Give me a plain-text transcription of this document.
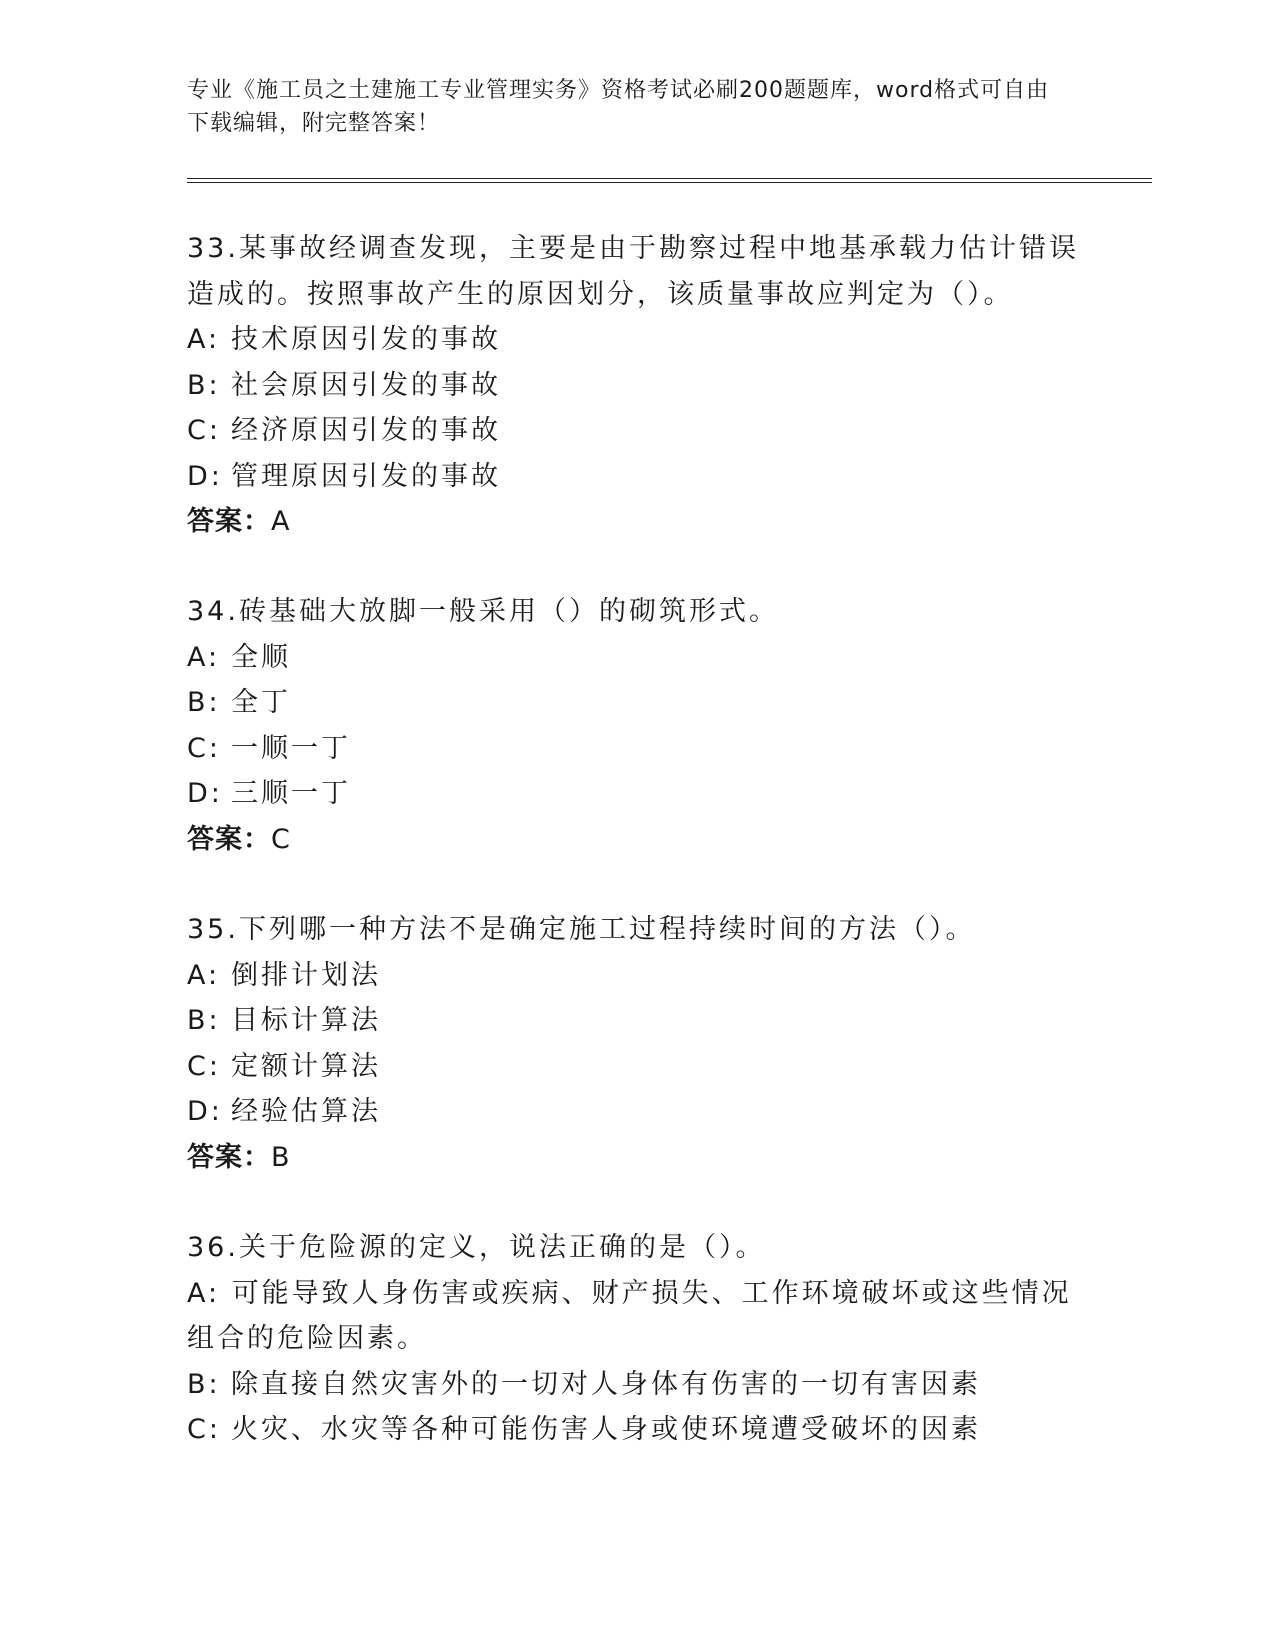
专业《施工员之土建施工专业管理实务》资格考试必刷200题题库，word格式可自由下载编辑，附完整答案！
33.某事故经调查发现，主要是由于勘察过程中地基承载力估计错误造成的。按照事故产生的原因划分，该质量事故应判定为（）。
A: 技术原因引发的事故
B: 社会原因引发的事故
C: 经济原因引发的事故
D: 管理原因引发的事故
答案：A
34.砖基础大放脚一般采用（）的砌筑形式。
A: 全顺
B: 全丁
C: 一顺一丁
D: 三顺一丁
答案：C
35.下列哪一种方法不是确定施工过程持续时间的方法（）。
A: 倒排计划法
B: 目标计算法
C: 定额计算法
D: 经验估算法
答案：B
36.关于危险源的定义，说法正确的是（）。
A: 可能导致人身伤害或疾病、财产损失、工作环境破坏或这些情况组合的危险因素。
B: 除直接自然灾害外的一切对人身体有伤害的一切有害因素
C: 火灾、水灾等各种可能伤害人身或使环境遭受破坏的因素
